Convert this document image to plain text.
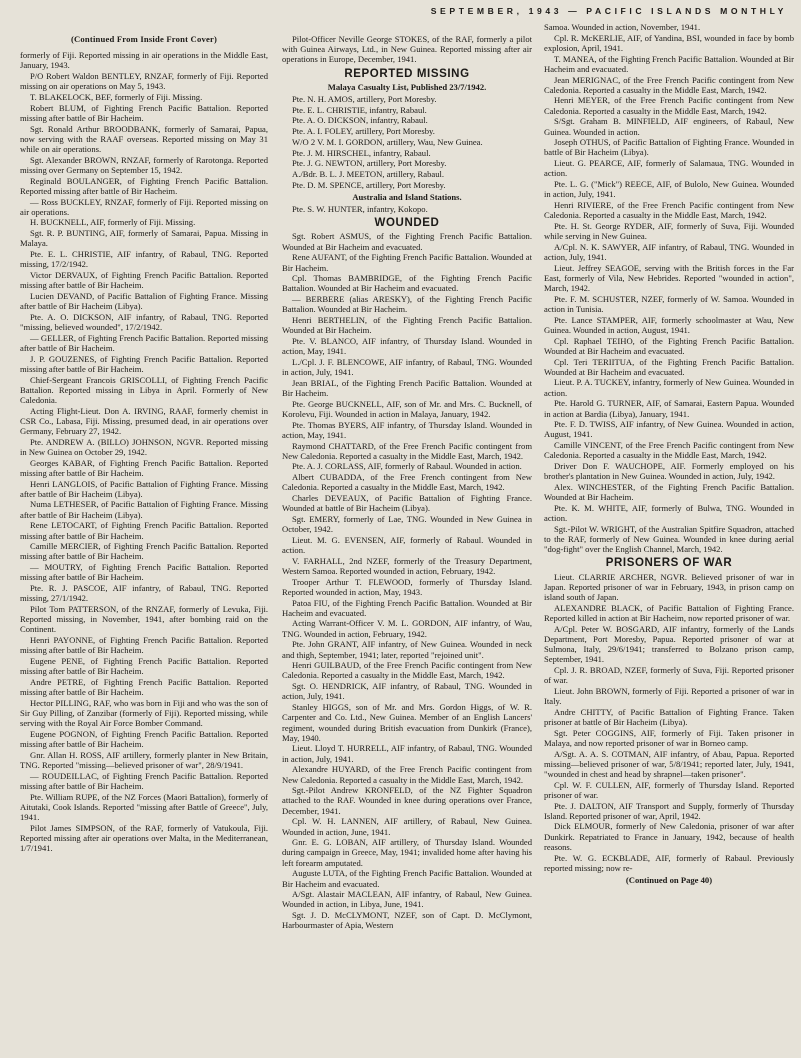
SEPTEMBER, 1943 — PACIFIC ISLANDS MONTHLY
(Continued From Inside Front Cover)

formerly of Fiji. Reported missing in air operations in the Middle East, January, 1943.

P/O Robert Waldon BENTLEY, RNZAF, formerly of Fiji. Reported missing on air operations on May 5, 1943.

T. BLAKELOCK, BEF, formerly of Fiji. Missing.

Robert BLUM, of Fighting French Pacific Battalion. Reported missing after battle of Bir Hacheim.

Sgt. Ronald Arthur BROODBANK, formerly of Samarai, Papua, now serving with the RAAF overseas. Reported missing on May 31 while on air operations.

Sgt. Alexander BROWN, RNZAF, formerly of Rarotonga. Reported missing over Germany on September 15, 1942.

Reginald BOULANGER, of Fighting French Pacific Battalion. Reported missing after battle of Bir Hacheim.

— Ross BUCKLEY, RNZAF, formerly of Fiji. Reported missing on air operations.

H. BUCKNELL, AIF, formerly of Fiji. Missing.

Sgt. R. P. BUNTING, AIF, formerly of Samarai, Papua. Missing in Malaya.

Pte. E. L. CHRISTIE, AIF infantry, of Rabaul, TNG. Reported missing, 17/2/1942.

Victor DERVAUX, of Fighting French Pacific Battalion. Reported missing after battle of Bir Hacheim.

Lucien DEVAND, of Pacific Battalion of Fighting France. Missing after battle of Bir Hacheim (Libya).

Pte. A. O. DICKSON, AIF infantry, of Rabaul, TNG. Reported "missing, believed wounded", 17/2/1942.

— GELLER, of Fighting French Pacific Battalion. Reported missing after battle of Bir Hacheim.

J. P. GOUZENES, of Fighting French Pacific Battalion. Reported missing after battle of Bir Hacheim.

Chief-Sergeant Francois GRISCOLLI, of Fighting French Pacific Battalion. Reported missing in Libya in April. Formerly of New Caledonia.

Acting Flight-Lieut. Don A. IRVING, RAAF, formerly chemist in CSR Co., Labasa, Fiji. Missing, presumed dead, in air operations over Germany, February 27, 1942.

Pte. ANDREW A. (BILLO) JOHNSON, NGVR. Reported missing in New Guinea on October 29, 1942.

Georges KABAR, of Fighting French Pacific Battalion. Reported missing after battle of Bir Hacheim.

Henri LANGLOIS, of Pacific Battalion of Fighting France. Missing after battle of Bir Hacheim (Libya).

Numa LETHESER, of Pacific Battalion of Fighting France. Missing after battle of Bir Hacheim (Libya).

Rene LETOCART, of Fighting French Pacific Battalion. Reported missing after battle of Bir Hacheim.

Camille MERCIER, of Fighting French Pacific Battalion. Reported missing after battle of Bir Hacheim.

— MOUTRY, of Fighting French Pacific Battalion. Reported missing after battle of Bir Hacheim.

Pte. R. J. PASCOE, AIF infantry, of Rabaul, TNG. Reported missing, 27/1/1942.

Pilot Tom PATTERSON, of the RNZAF, formerly of Levuka, Fiji. Reported missing, in November, 1941, after bombing raid on the Continent.

Henri PAYONNE, of Fighting French Pacific Battalion. Reported missing after battle of Bir Hacheim.

Eugene PENE, of Fighting French Pacific Battalion. Reported missing after battle of Bir Hacheim.

Andre PETRE, of Fighting French Pacific Battalion. Reported missing after battle of Bir Hacheim.

Hector PILLING, RAF, who was born in Fiji and who was the son of Sir Guy Pilling, of Zanzibar (formerly of Fiji). Reported missing, while serving with the Royal Air Force Bomber Command.

Eugene POGNON, of Fighting French Pacific Battalion. Reported missing after battle of Bir Hacheim.

Gnr. Allan H. ROSS, AIF artillery, formerly planter in New Britain, TNG. Reported "missing—believed prisoner of war", 28/9/1941.

— ROUDEILLAC, of Fighting French Pacific Battalion. Reported missing after battle of Bir Hacheim.

Pte. William RUPE, of the NZ Forces (Maori Battalion), formerly of Aitutaki, Cook Islands. Reported "missing after Battle of Greece", July, 1941.

Pilot James SIMPSON, of the RAF, formerly of Vatukoula, Fiji. Reported missing after air operations over Malta, in the Mediterranean, 1/7/1941.

Pilot-Officer Neville George STOKES, of the RAF, formerly a pilot with Guinea Airways, Ltd., in New Guinea. Reported missing after air operations in Europe, December, 1941.

REPORTED MISSING
Malaya Casualty List, Published 23/7/1942.

Pte. N. H. AMOS, artillery, Port Moresby.

Pte. E. L. CHRISTIE, infantry, Rabaul.

Pte. A. O. DICKSON, infantry, Rabaul.

Pte. A. I. FOLEY, artillery, Port Moresby.

W/O 2 V. M. I. GORDON, artillery, Wau, New Guinea.

Pte. J. M. HIRSCHEL, infantry, Rabaul.

Pte. J. G. NEWTON, artillery, Port Moresby.

A./Bdr. B. L. J. MEETON, artillery, Rabaul.

Pte. D. M. SPENCE, artillery, Port Moresby.

Australia and Island Stations.

Pte. S. W. HUNTER, infantry, Kokopo.

WOUNDED

Sgt. Robert ASMUS, of the Fighting French Pacific Battalion. Wounded at Bir Hacheim and evacuated.

Rene AUFANT, of the Fighting French Pacific Battalion. Wounded at Bir Hacheim.

Cpl. Thomas BAMBRIDGE, of the Fighting French Pacific Battalion. Wounded at Bir Hacheim and evacuated.

— BERBERE (alias ARESKY), of the Fighting French Pacific Battalion. Wounded at Bir Hacheim.

Henri BERTHELIN, of the Fighting French Pacific Battalion. Wounded at Bir Hacheim.

Pte. V. BLANCO, AIF infantry, of Thursday Island. Wounded in action, May, 1941.

L./Cpl. J. F. BLENCOWE, AIF infantry, of Rabaul, TNG. Wounded in action, July, 1941.

Jean BRIAL, of the Fighting French Pacific Battalion. Wounded at Bir Hacheim.

Pte. George BUCKNELL, AIF, son of Mr. and Mrs. C. Bucknell, of Korolevu, Fiji. Wounded in action in Malaya, January, 1942.

Pte. Thomas BYERS, AIF infantry, of Thursday Island. Wounded in action, May, 1941.

Raymond CHATTARD, of the Free French Pacific contingent from New Caledonia. Reported a casualty in the Middle East, March, 1942.

Pte. A. J. CORLASS, AIF, formerly of Rabaul. Wounded in action.

Albert CUBADDA, of the Free French contingent from New Caledonia. Reported a casualty in the Middle East, March, 1942.

Charles DEVEAUX, of Pacific Battalion of Fighting France. Wounded at battle of Bir Hacheim (Libya).

Sgt. EMERY, formerly of Lae, TNG. Wounded in New Guinea in October, 1942.

Lieut. M. G. EVENSEN, AIF, formerly of Rabaul. Wounded in action.

V. FARHALL, 2nd NZEF, formerly of the Treasury Department, Western Samoa. Reported wounded in action, February, 1942.

Trooper Arthur T. FLEWOOD, formerly of Thursday Island. Reported wounded in action, May, 1943.

Patoa FIU, of the Fighting French Pacific Battalion. Wounded at Bir Hacheim and evacuated.

Acting Warrant-Officer V. M. L. GORDON, AIF infantry, of Wau, TNG. Wounded in action, February, 1942.

Pte. John GRANT, AIF infantry, of New Guinea. Wounded in neck and thigh, September, 1941; later, reported "rejoined unit".

Henri GUILBAUD, of the Free French Pacific contingent from New Caledonia. Reported a casualty in the Middle East, March, 1942.

Sgt. O. HENDRICK, AIF infantry, of Rabaul, TNG. Wounded in action, July, 1941.

Stanley HIGGS, son of Mr. and Mrs. Gordon Higgs, of W. R. Carpenter and Co. Ltd., New Guinea. Member of an English Lancers' regiment, wounded during British evacuation from Dunkirk (France), May, 1940.

Lieut. Lloyd T. HURRELL, AIF infantry, of Rabaul, TNG. Wounded in action, July, 1941.

Alexandre HUYARD, of the Free French Pacific contingent from New Caledonia. Reported a casualty in the Middle East, March, 1942.

Sgt.-Pilot Andrew KRONFELD, of the NZ Fighter Squadron attached to the RAF. Wounded in knee during operations over France, December, 1941.

Cpl. W. H. LANNEN, AIF artillery, of Rabaul, New Guinea. Wounded in action, June, 1941.

Gnr. E. G. LOBAN, AIF artillery, of Thursday Island. Wounded during campaign in Greece, May, 1941; invalided home after having his left forearm amputated.

Auguste LUTA, of the Fighting French Pacific Battalion. Wounded at Bir Hacheim and evacuated.

A/Sgt. Alastair MACLEAN, AIF infantry, of Rabaul, New Guinea. Wounded in action, in Libya, June, 1941.

Sgt. J. D. McCLYMONT, NZEF, son of Capt. D. McClymont, Harbourmaster of Apia, Western

Samoa. Wounded in action, November, 1941.

Cpl. R. McKERLIE, AIF, of Yandina, BSI, wounded in face by bomb explosion, April, 1941.

T. MANEA, of the Fighting French Pacific Battalion. Wounded at Bir Hacheim and evacuated.

Jean MERIGNAC, of the Free French Pacific contingent from New Caledonia. Reported a casualty in the Middle East, March, 1942.

Henri MEYER, of the Free French Pacific contingent from New Caledonia. Reported a casualty in the Middle East, March, 1942.

S/Sgt. Graham B. MINFIELD, AIF engineers, of Rabaul, New Guinea. Wounded in action.

Joseph OTHUS, of Pacific Battalion of Fighting France. Wounded in battle of Bir Hacheim (Libya).

Lieut. G. PEARCE, AIF, formerly of Salamaua, TNG. Wounded in action.

Pte. L. G. ("Mick") REECE, AIF, of Bulolo, New Guinea. Wounded in action, July, 1941.

Henri RIVIERE, of the Free French Pacific contingent from New Caledonia. Reported a casualty in the Middle East, March, 1942.

Pte. H. St. George RYDER, AIF, formerly of Suva, Fiji. Wounded while serving in New Guinea.

A/Cpl. N. K. SAWYER, AIF infantry, of Rabaul, TNG. Wounded in action, July, 1941.

Lieut. Jeffrey SEAGOE, serving with the British forces in the Far East, formerly of Vila, New Hebrides. Reported "wounded in action", March, 1942.

Pte. F. M. SCHUSTER, NZEF, formerly of W. Samoa. Wounded in action in Tunisia.

Pte. Lance STAMPER, AIF, formerly schoolmaster at Wau, New Guinea. Wounded in action, August, 1941.

Cpl. Raphael TEIHO, of the Fighting French Pacific Battalion. Wounded at Bir Hacheim and evacuated.

Cpl. Teri TERIITUA, of the Fighting French Pacific Battalion. Wounded at Bir Hacheim and evacuated.

Lieut. P. A. TUCKEY, infantry, formerly of New Guinea. Wounded in action.

Pte. Harold G. TURNER, AIF, of Samarai, Eastern Papua. Wounded in action at Bardia (Libya), January, 1941.

Pte. F. D. TWISS, AIF infantry, of New Guinea. Wounded in action, August, 1941.

Camille VINCENT, of the Free French Pacific contingent from New Caledonia. Reported a casualty in the Middle East, March, 1942.

Driver Don F. WAUCHOPE, AIF. Formerly employed on his brother's plantation in New Guinea. Wounded in action, July, 1942.

Alex. WINCHESTER, of the Fighting French Pacific Battalion. Wounded at Bir Hacheim.

Pte. K. M. WHITE, AIF, formerly of Bulwa, TNG. Wounded in action.

Sgt.-Pilot W. WRIGHT, of the Australian Spitfire Squadron, attached to the RAF, formerly of New Guinea. Wounded in knee during aerial "dog-fight" over the English Channel, March, 1942.

PRISONERS OF WAR

Lieut. CLARRIE ARCHER, NGVR. Believed prisoner of war in Japan. Reported prisoner of war in February, 1943, in prison camp on island south of Japan.

ALEXANDRE BLACK, of Pacific Battalion of Fighting France. Reported killed in action at Bir Hacheim, now reported prisoner of war.

A/Cpl. Peter W. BOSGARD, AIF infantry, formerly of the Lands Department, Port Moresby, Papua. Reported prisoner of war at Sulmona, Italy, 29/6/1941; transferred to Bolzano prison camp, September, 1941.

Cpl. J. R. BROAD, NZEF, formerly of Suva, Fiji. Reported prisoner of war.

Lieut. John BROWN, formerly of Fiji. Reported a prisoner of war in Italy.

Andre CHITTY, of Pacific Battalion of Fighting France. Taken prisoner at battle of Bir Hacheim (Libya).

Sgt. Peter COGGINS, AIF, formerly of Fiji. Taken prisoner in Malaya, and now reported prisoner of war in Borneo camp.

A/Sgt. A. A. S. COTMAN, AIF infantry, of Abau, Papua. Reported missing—believed prisoner of war, 5/8/1941; reported later, July, 1941, "wounded in chest and head by shrapnel—taken prisoner".

Cpl. W. F. CULLEN, AIF, formerly of Thursday Island. Reported prisoner of war.

Pte. J. DALTON, AIF Transport and Supply, formerly of Thursday Island. Reported prisoner of war, April, 1942.

Dick ELMOUR, formerly of New Caledonia, prisoner of war after Dunkirk. Repatriated to France in January, 1942, because of health reasons.

Pte. W. G. ECKBLADE, AIF, formerly of Rabaul. Previously reported missing; now re-

(Continued on Page 40)
